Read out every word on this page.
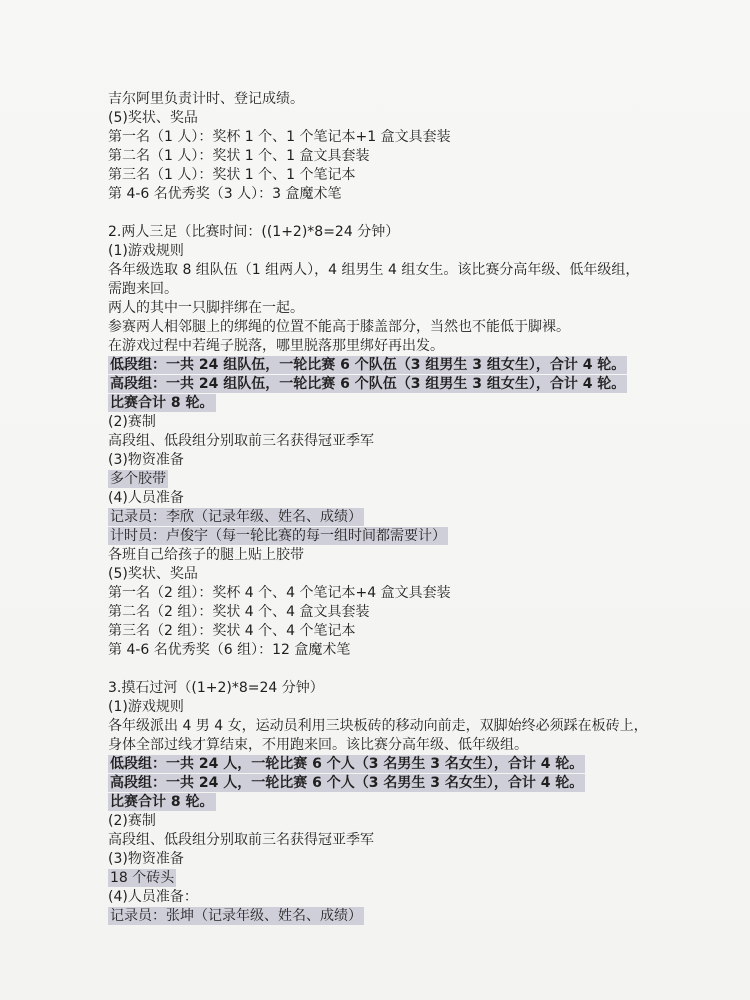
吉尔阿里负责计时、登记成绩。
(5)奖状、奖品
第一名（1 人）：奖杯 1 个、1 个笔记本+1 盒文具套装
第二名（1 人）：奖状 1 个、1 盒文具套装
第三名（1 人）：奖状 1 个、1 个笔记本
第 4-6 名优秀奖（3 人）：3 盒魔术笔
2.两人三足（比赛时间：((1+2)*8=24 分钟）
(1)游戏规则
各年级选取 8 组队伍（1 组两人），4 组男生 4 组女生。该比赛分高年级、低年级组，需跑来回。
两人的其中一只脚拌绑在一起。
参赛两人相邻腿上的绑绳的位置不能高于膝盖部分，当然也不能低于脚裸。
在游戏过程中若绳子脱落，哪里脱落那里绑好再出发。
低段组：一共 24 组队伍，一轮比赛 6 个队伍（3 组男生 3 组女生），合计 4 轮。
高段组：一共 24 组队伍，一轮比赛 6 个队伍（3 组男生 3 组女生），合计 4 轮。
比赛合计 8 轮。
(2)赛制
高段组、低段组分别取前三名获得冠亚季军
(3)物资准备
多个胶带
(4)人员准备
记录员：李欣（记录年级、姓名、成绩）
计时员：卢俊宇（每一轮比赛的每一组时间都需要计）
各班自己给孩子的腿上贴上胶带
(5)奖状、奖品
第一名（2 组）：奖杯 4 个、4 个笔记本+4 盒文具套装
第二名（2 组）：奖状 4 个、4 盒文具套装
第三名（2 组）：奖状 4 个、4 个笔记本
第 4-6 名优秀奖（6 组）：12 盒魔术笔
3.摸石过河（(1+2)*8=24 分钟）
(1)游戏规则
各年级派出 4 男 4 女，运动员利用三块板砖的移动向前走，双脚始终必须踩在板砖上，身体全部过线才算结束，不用跑来回。该比赛分高年级、低年级组。
低段组：一共 24 人，一轮比赛 6 个人（3 名男生 3 名女生），合计 4 轮。
高段组：一共 24 人，一轮比赛 6 个人（3 名男生 3 名女生），合计 4 轮。
比赛合计 8 轮。
(2)赛制
高段组、低段组分别取前三名获得冠亚季军
(3)物资准备
18 个砖头
(4)人员准备：
记录员：张坤（记录年级、姓名、成绩）
